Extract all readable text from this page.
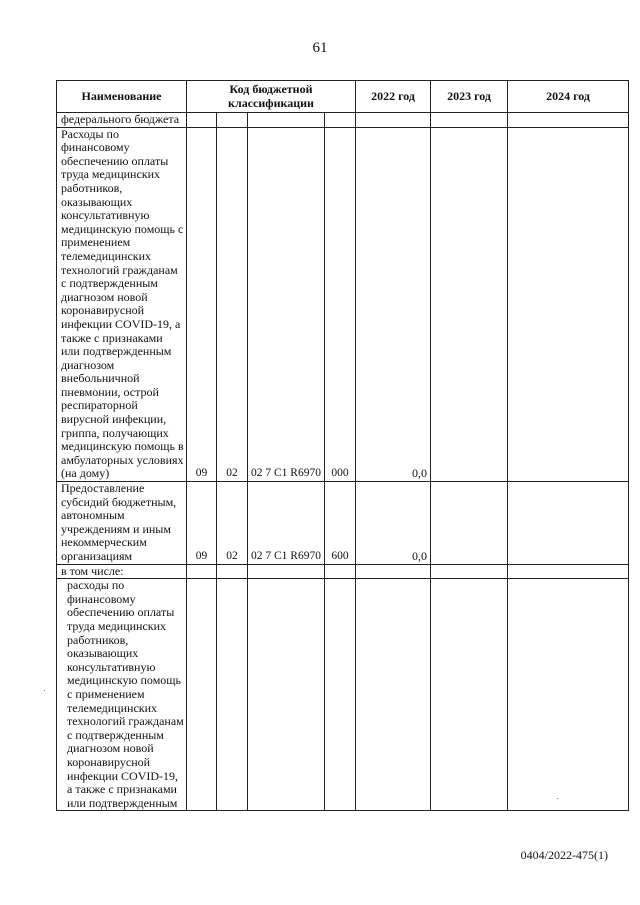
61
Наименование	Код бюджетной классификации				2022 год	2023 год	2024 год
федерального бюджета							
Расходы по финансовому обеспечению оплаты труда медицинских работников, оказывающих консультативную медицинскую помощь с применением телемедицинских технологий гражданам с подтвержденным диагнозом новой коронавирусной инфекции COVID-19, а также с признаками или подтвержденным диагнозом внебольничной пневмонии, острой респираторной вирусной инфекции, гриппа, получающих медицинскую помощь в амбулаторных условиях (на дому)	09	02	02 7 С1 R6970	000	0,0		
Предоставление субсидий бюджетным, автономным учреждениям и иным некоммерческим организациям	09	02	02 7 С1 R6970	600	0,0		
в том числе:							
расходы по финансовому обеспечению оплаты труда медицинских работников, оказывающих консультативную медицинскую помощь с применением телемедицинских технологий гражданам с подтвержденным диагнозом новой коронавирусной инфекции COVID-19, а также с признаками или подтвержденным							
0404/2022-475(1)
